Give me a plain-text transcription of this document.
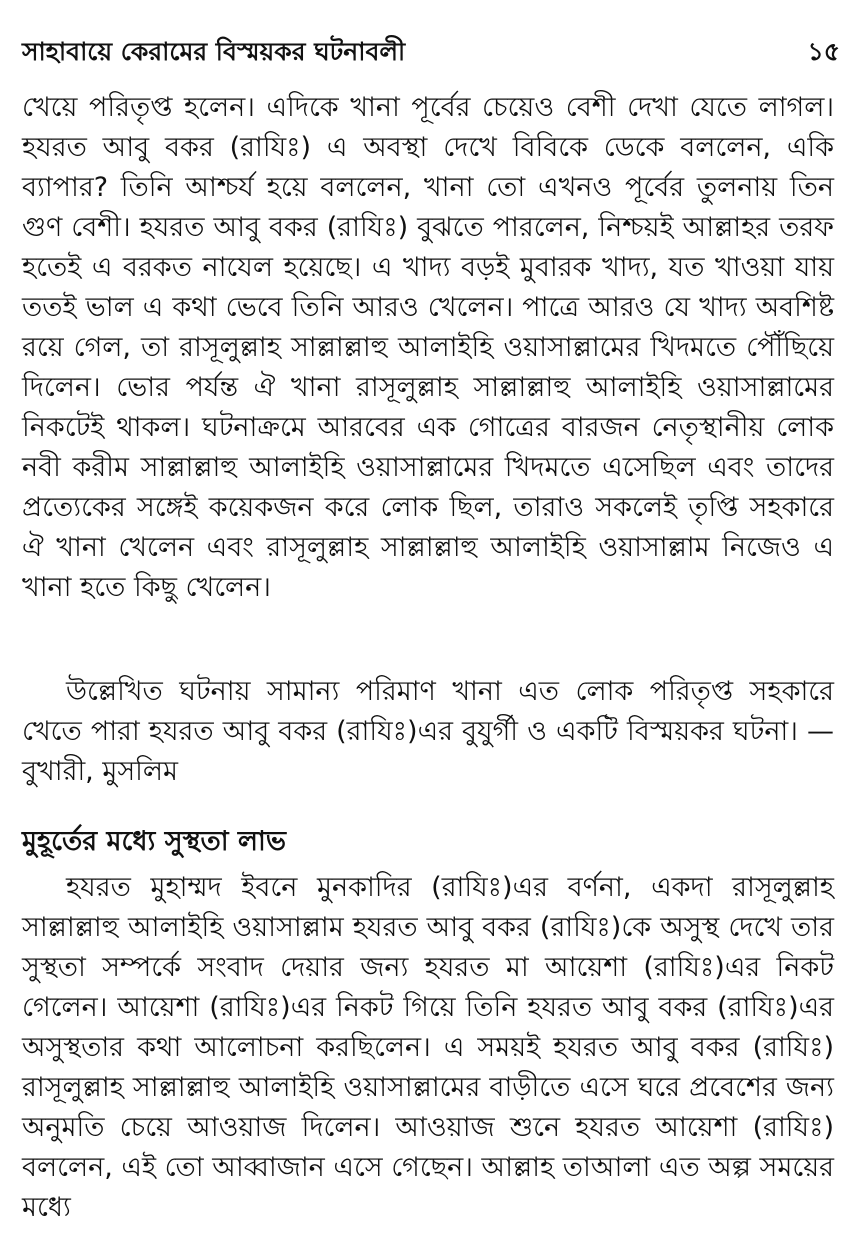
সাহাবায়ে কেরামের বিস্ময়কর ঘটনাবলী	১৫

খেয়ে পরিতৃপ্ত হলেন। এদিকে খানা পূর্বের চেয়েও বেশী দেখা যেতে লাগল। হযরত আবু বকর (রাযিঃ) এ অবস্থা দেখে বিবিকে ডেকে বললেন, একি ব্যাপার? তিনি আশ্চর্য হয়ে বললেন, খানা তো এখনও পূর্বের তুলনায় তিন গুণ বেশী। হযরত আবু বকর (রাযিঃ) বুঝতে পারলেন, নিশ্চয়ই আল্লাহর তরফ হতেই এ বরকত নাযেল হয়েছে। এ খাদ্য বড়ই মুবারক খাদ্য, যত খাওয়া যায় ততই ভাল এ কথা ভেবে তিনি আরও খেলেন। পাত্রে আরও যে খাদ্য অবশিষ্ট রয়ে গেল, তা রাসূলুল্লাহ সাল্লাল্লাহু আলাইহি ওয়াসাল্লামের খিদমতে পৌঁছিয়ে দিলেন। ভোর পর্যন্ত ঐ খানা রাসূলুল্লাহ সাল্লাল্লাহু আলাইহি ওয়াসাল্লামের নিকটেই থাকল। ঘটনাক্রমে আরবের এক গোত্রের বারজন নেতৃস্থানীয় লোক নবী করীম সাল্লাল্লাহু আলাইহি ওয়াসাল্লামের খিদমতে এসেছিল এবং তাদের প্রত্যেকের সঙ্গেই কয়েকজন করে লোক ছিল, তারাও সকলেই তৃপ্তি সহকারে ঐ খানা খেলেন এবং রাসূলুল্লাহ সাল্লাল্লাহু আলাইহি ওয়াসাল্লাম নিজেও এ খানা হতে কিছু খেলেন।

উল্লেখিত ঘটনায় সামান্য পরিমাণ খানা এত লোক পরিতৃপ্ত সহকারে খেতে পারা হযরত আবু বকর (রাযিঃ)এর বুযুর্গী ও একটি বিস্ময়কর ঘটনা। —বুখারী, মুসলিম

মুহূর্তের মধ্যে সুস্থতা লাভ

হযরত মুহাম্মদ ইবনে মুনকাদির (রাযিঃ)এর বর্ণনা, একদা রাসূলুল্লাহ সাল্লাল্লাহু আলাইহি ওয়াসাল্লাম হযরত আবু বকর (রাযিঃ)কে অসুস্থ দেখে তার সুস্থতা সম্পর্কে সংবাদ দেয়ার জন্য হযরত মা আয়েশা (রাযিঃ)এর নিকট গেলেন। আয়েশা (রাযিঃ)এর নিকট গিয়ে তিনি হযরত আবু বকর (রাযিঃ)এর অসুস্থতার কথা আলোচনা করছিলেন। এ সময়ই হযরত আবু বকর (রাযিঃ) রাসূলুল্লাহ সাল্লাল্লাহু আলাইহি ওয়াসাল্লামের বাড়ীতে এসে ঘরে প্রবেশের জন্য অনুমতি চেয়ে আওয়াজ দিলেন। আওয়াজ শুনে হযরত আয়েশা (রাযিঃ) বললেন, এই তো আব্বাজান এসে গেছেন। আল্লাহ তাআলা এত অল্প সময়ের মধ্যে
